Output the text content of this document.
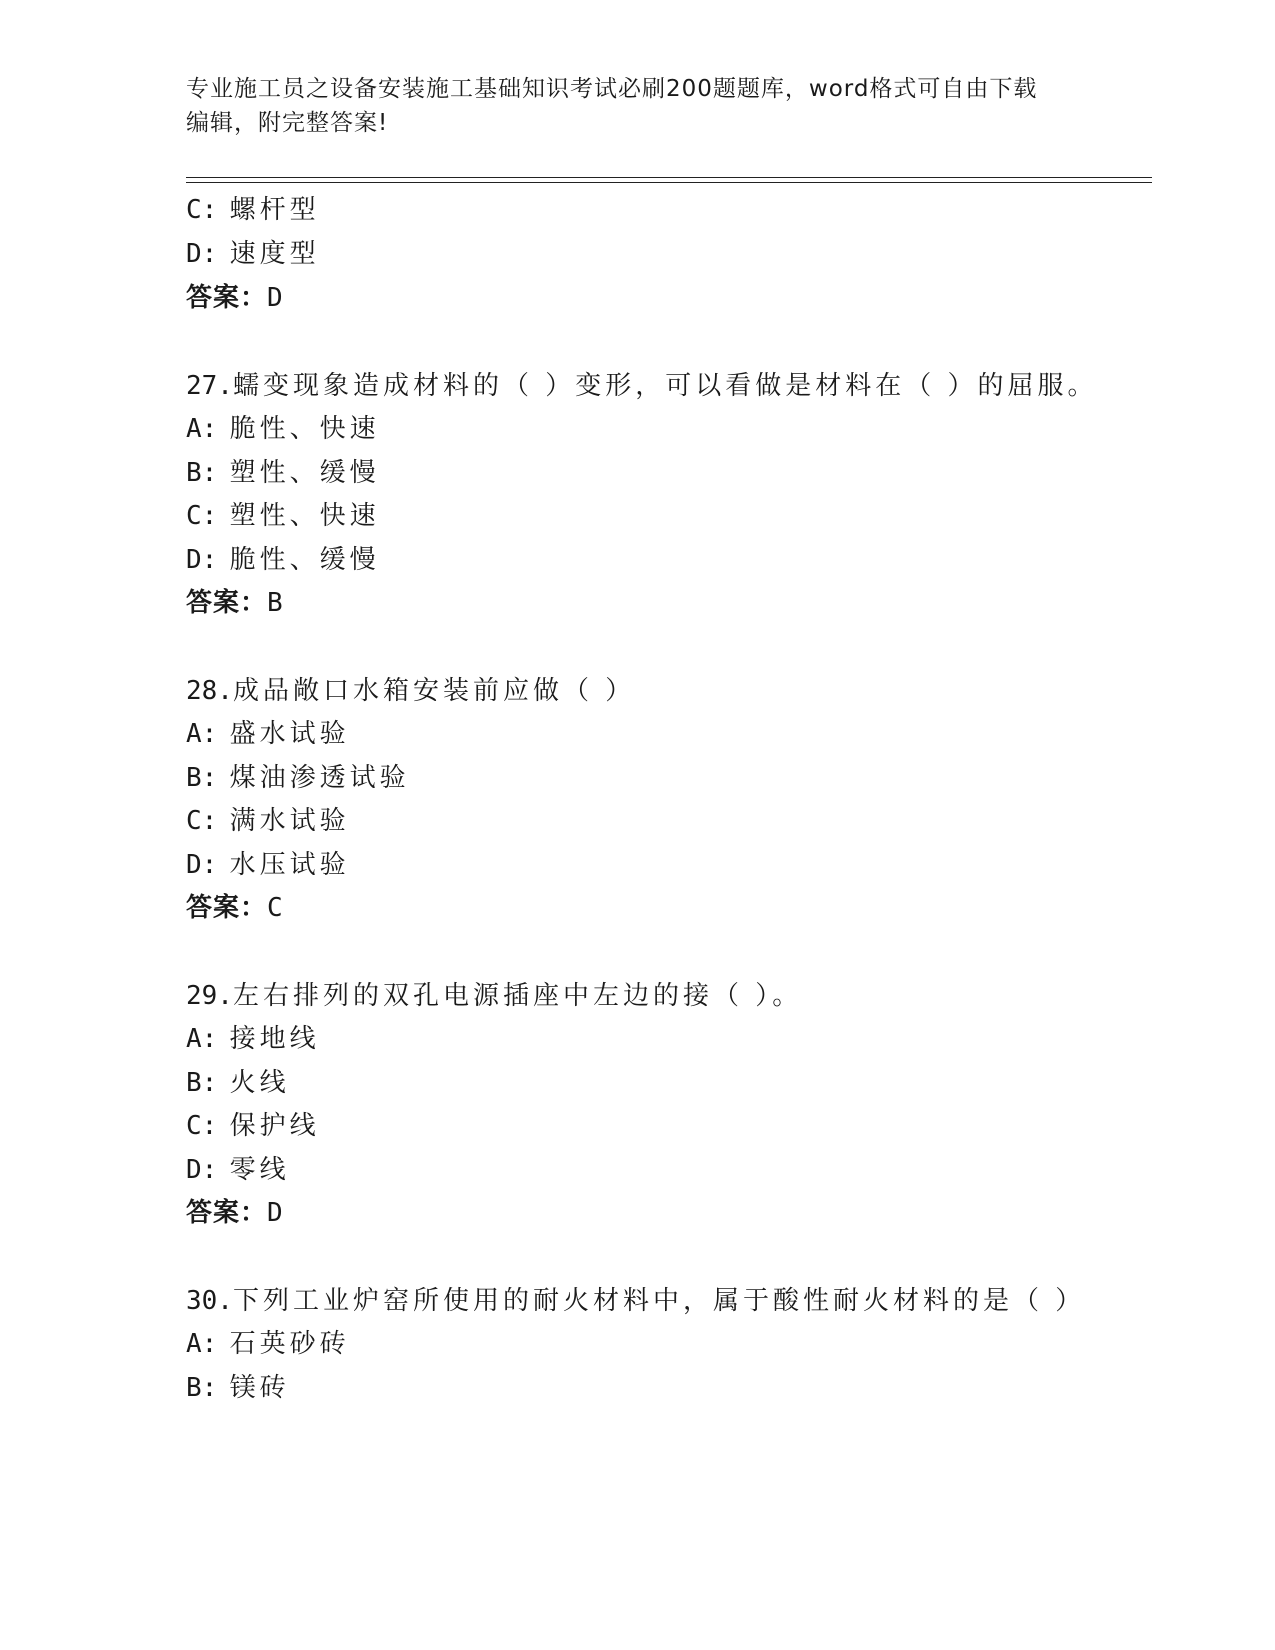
专业施工员之设备安装施工基础知识考试必刷200题题库，word格式可自由下载
编辑，附完整答案!
C: 螺杆型
D: 速度型
答案：D
27.蠕变现象造成材料的（ ）变形，可以看做是材料在（ ）的屈服。
A: 脆性、快速
B: 塑性、缓慢
C: 塑性、快速
D: 脆性、缓慢
答案：B
28.成品敞口水箱安装前应做（ ）
A: 盛水试验
B: 煤油渗透试验
C: 满水试验
D: 水压试验
答案：C
29.左右排列的双孔电源插座中左边的接（ ）。
A: 接地线
B: 火线
C: 保护线
D: 零线
答案：D
30.下列工业炉窑所使用的耐火材料中，属于酸性耐火材料的是（ ）
A: 石英砂砖
B: 镁砖
